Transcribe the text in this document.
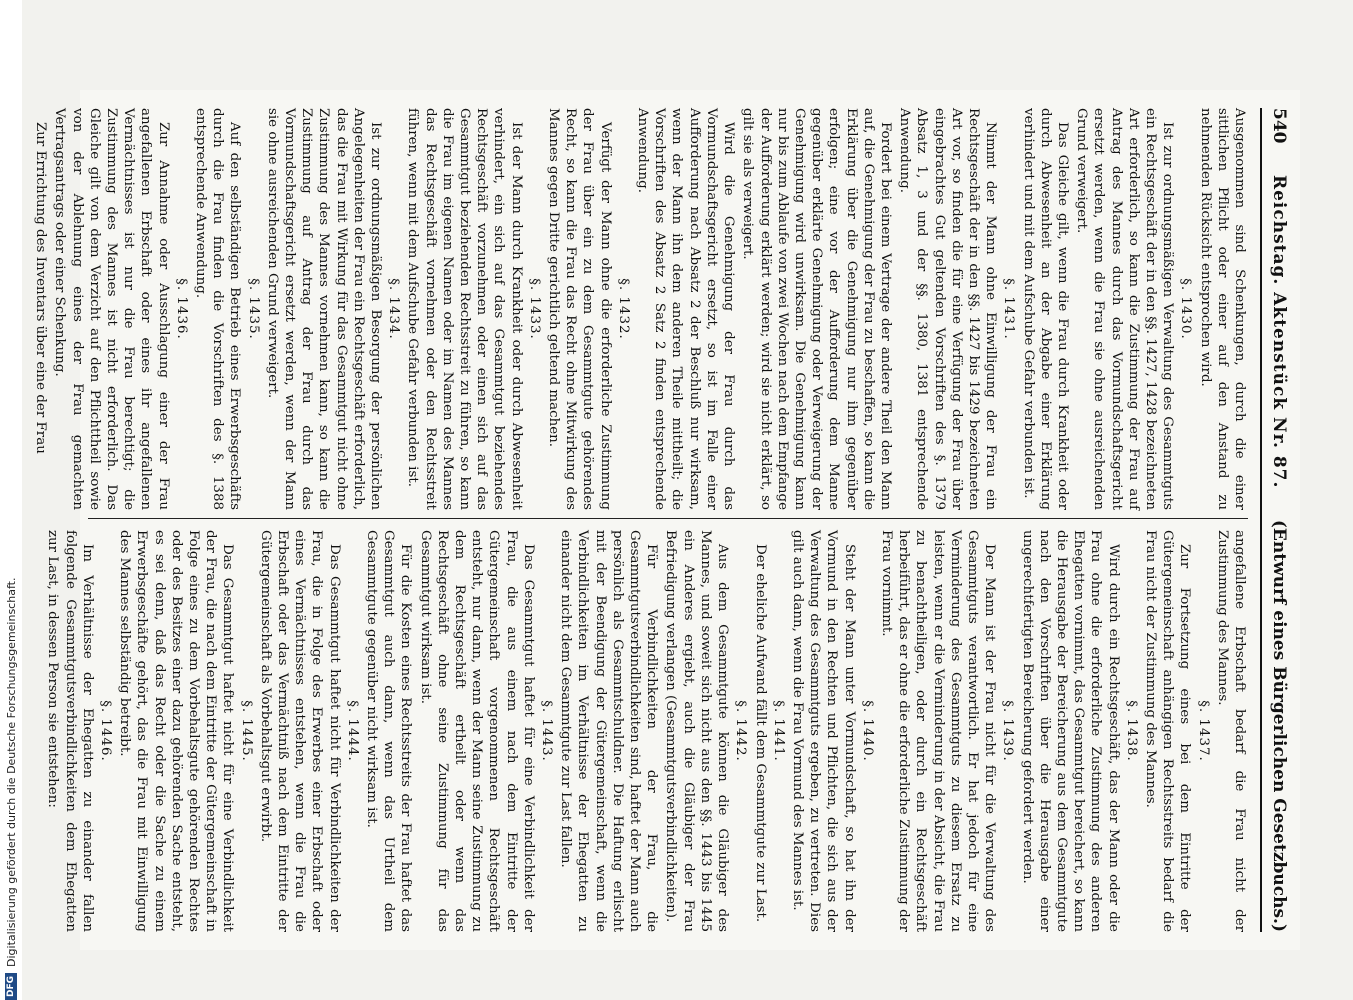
540
Reichstag. Aktenstück Nr. 87.
(Entwurf eines Bürgerlichen Gesetzbuchs.)

Ausgenommen sind Schenkungen, durch die einer sittlichen Pflicht oder einer auf den Anstand zu nehmenden Rücksicht entsprochen wird.

§. 1430.

Ist zur ordnungsmäßigen Verwaltung des Gesammtguts ein Rechtsgeschäft der in den §§. 1427, 1428 bezeichneten Art erforderlich, so kann die Zustimmung der Frau auf Antrag des Mannes durch das Vormundschaftsgericht ersetzt werden, wenn die Frau sie ohne ausreichenden Grund verweigert.

Das Gleiche gilt, wenn die Frau durch Krankheit oder durch Abwesenheit an der Abgabe einer Erklärung verhindert und mit dem Aufschube Gefahr verbunden ist.

§. 1431.

Nimmt der Mann ohne Einwilligung der Frau ein Rechtsgeschäft der in den §§. 1427 bis 1429 bezeichneten Art vor, so finden die für eine Verfügung der Frau über eingebrachtes Gut geltenden Vorschriften des §. 1379 Absatz 1, 3 und der §§. 1380, 1381 entsprechende Anwendung.

Fordert bei einem Vertrage der andere Theil den Mann auf, die Genehmigung der Frau zu beschaffen, so kann die Erklärung über die Genehmigung nur ihm gegenüber erfolgen; eine vor der Aufforderung dem Manne gegenüber erklärte Genehmigung oder Verweigerung der Genehmigung wird unwirksam. Die Genehmigung kann nur bis zum Ablaufe von zwei Wochen nach dem Empfange der Aufforderung erklärt werden; wird sie nicht erklärt, so gilt sie als verweigert.

Wird die Genehmigung der Frau durch das Vormundschaftsgericht ersetzt, so ist im Falle einer Aufforderung nach Absatz 2 der Beschluß nur wirksam, wenn der Mann ihn dem anderen Theile mittheilt; die Vorschriften des Absatz 2 Satz 2 finden entsprechende Anwendung.

§. 1432.

Verfügt der Mann ohne die erforderliche Zustimmung der Frau über ein zu dem Gesammtgute gehörendes Recht, so kann die Frau das Recht ohne Mitwirkung des Mannes gegen Dritte gerichtlich geltend machen.

§. 1433.

Ist der Mann durch Krankheit oder durch Abwesenheit verhindert, ein sich auf das Gesammtgut beziehendes Rechtsgeschäft vorzunehmen oder einen sich auf das Gesammtgut beziehenden Rechtsstreit zu führen, so kann die Frau im eigenen Namen oder im Namen des Mannes das Rechtsgeschäft vornehmen oder den Rechtsstreit führen, wenn mit dem Aufschube Gefahr verbunden ist.

§. 1434.

Ist zur ordnungsmäßigen Besorgung der persönlichen Angelegenheiten der Frau ein Rechtsgeschäft erforderlich, das die Frau mit Wirkung für das Gesammtgut nicht ohne Zustimmung des Mannes vornehmen kann, so kann die Zustimmung auf Antrag der Frau durch das Vormundschaftsgericht ersetzt werden, wenn der Mann sie ohne ausreichenden Grund verweigert.

§. 1435.

Auf den selbständigen Betrieb eines Erwerbsgeschäfts durch die Frau finden die Vorschriften des §. 1388 entsprechende Anwendung.

§. 1436.

Zur Annahme oder Ausschlagung einer der Frau angefallenen Erbschaft oder eines ihr angefallenen Vermächtnisses ist nur die Frau berechtigt; die Zustimmung des Mannes ist nicht erforderlich. Das Gleiche gilt von dem Verzicht auf den Pflichttheil sowie von der Ablehnung eines der Frau gemachten Vertragsantrags oder einer Schenkung.

Zur Errichtung des Inventars über eine der Frau

angefallene Erbschaft bedarf die Frau nicht der Zustimmung des Mannes.

§. 1437.

Zur Fortsetzung eines bei dem Eintritte der Gütergemeinschaft anhängigen Rechtsstreits bedarf die Frau nicht der Zustimmung des Mannes.

§. 1438.

Wird durch ein Rechtsgeschäft, das der Mann oder die Frau ohne die erforderliche Zustimmung des anderen Ehegatten vornimmt, das Gesammtgut bereichert, so kann die Herausgabe der Bereicherung aus dem Gesammtgute nach den Vorschriften über die Herausgabe einer ungerechtfertigten Bereicherung gefordert werden.

§. 1439.

Der Mann ist der Frau nicht für die Verwaltung des Gesammtguts verantwortlich. Er hat jedoch für eine Verminderung des Gesammtguts zu diesem Ersatz zu leisten, wenn er die Verminderung in der Absicht, die Frau zu benachtheiligen, oder durch ein Rechtsgeschäft herbeiführt, das er ohne die erforderliche Zustimmung der Frau vornimmt.

§. 1440.

Steht der Mann unter Vormundschaft, so hat ihn der Vormund in den Rechten und Pflichten, die sich aus der Verwaltung des Gesammtguts ergeben, zu vertreten. Dies gilt auch dann, wenn die Frau Vormund des Mannes ist.

§. 1441.

Der eheliche Aufwand fällt dem Gesammtgute zur Last.

§. 1442.

Aus dem Gesammtgute können die Gläubiger des Mannes, und soweit sich nicht aus den §§. 1443 bis 1445 ein Anderes ergiebt, auch die Gläubiger der Frau Befriedigung verlangen (Gesammtgutsverbindlichkeiten).

Für Verbindlichkeiten der Frau, die Gesammtgutsverbindlichkeiten sind, haftet der Mann auch persönlich als Gesammtschuldner. Die Haftung erlischt mit der Beendigung der Gütergemeinschaft, wenn die Verbindlichkeiten im Verhältnisse der Ehegatten zu einander nicht dem Gesammtgute zur Last fallen.

§. 1443.

Das Gesammtgut haftet für eine Verbindlichkeit der Frau, die aus einem nach dem Eintritte der Gütergemeinschaft vorgenommenen Rechtsgeschäft entsteht, nur dann, wenn der Mann seine Zustimmung zu dem Rechtsgeschäft ertheilt oder wenn das Rechtsgeschäft ohne seine Zustimmung für das Gesammtgut wirksam ist.

Für die Kosten eines Rechtsstreits der Frau haftet das Gesammtgut auch dann, wenn das Urtheil dem Gesammtgute gegenüber nicht wirksam ist.

§. 1444.

Das Gesammtgut haftet nicht für Verbindlichkeiten der Frau, die in Folge des Erwerbes einer Erbschaft oder eines Vermächtnisses entstehen, wenn die Frau die Erbschaft oder das Vermächtniß nach dem Eintritte der Gütergemeinschaft als Vorbehaltsgut erwirbt.

§. 1445.

Das Gesammtgut haftet nicht für eine Verbindlichkeit der Frau, die nach dem Eintritte der Gütergemeinschaft in Folge eines zu dem Vorbehaltsgute gehörenden Rechtes oder des Besitzes einer dazu gehörenden Sache entsteht, es sei denn, daß das Recht oder die Sache zu einem Erwerbsgeschäfte gehört, das die Frau mit Einwilligung des Mannes selbständig betreibt.

§. 1446.

Im Verhältnisse der Ehegatten zu einander fallen folgende Gesammtgutsverbindlichkeiten dem Ehegatten zur Last, in dessen Person sie entstehen:

DFG
Digitalisierung gefördert durch die Deutsche Forschungsgemeinschaft.
